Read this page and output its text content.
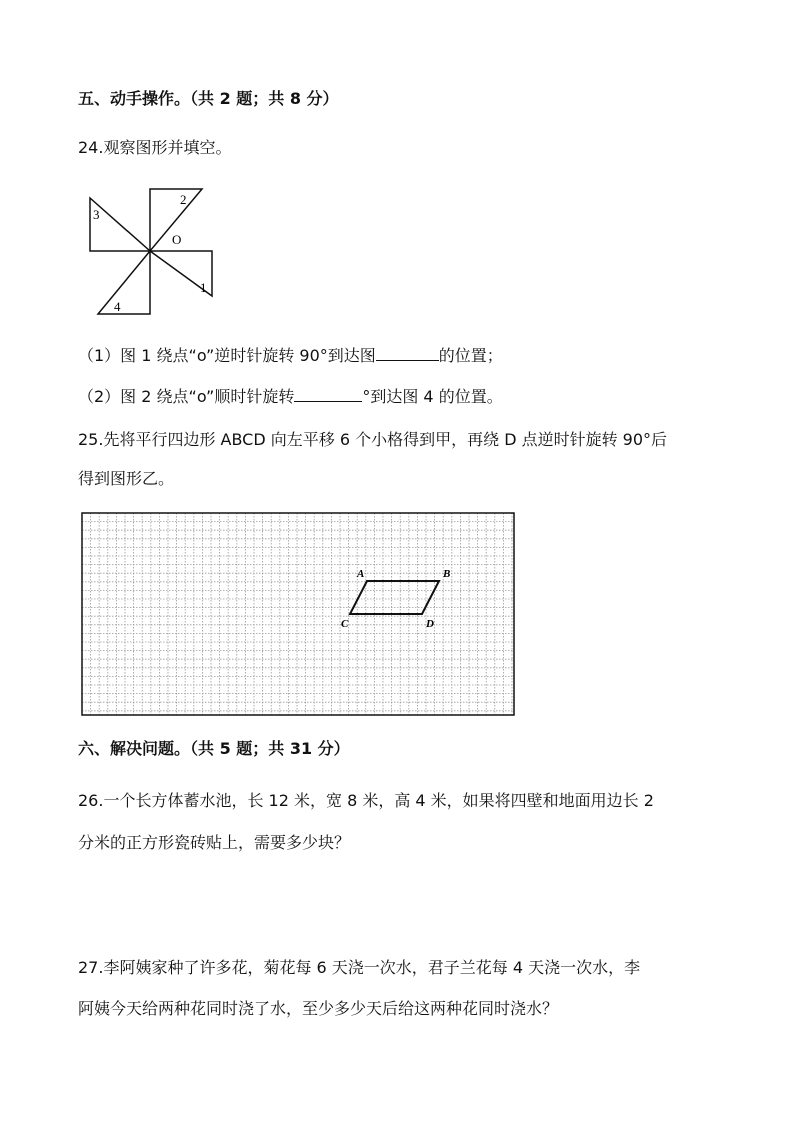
五、动手操作。（共 2 题；共 8 分）
24.观察图形并填空。
1
2
3
4
O
（1）图 1 绕点“o”逆时针旋转 90°到达图	的位置；
（2）图 2 绕点“o”顺时针旋转	°到达图 4 的位置。
25.先将平行四边形 ABCD 向左平移 6 个小格得到甲，再绕 D 点逆时针旋转 90°后
得到图形乙。
A	B
C	D
六、解决问题。（共 5 题；共 31 分）
26.一个长方体蓄水池，长 12 米，宽 8 米，高 4 米，如果将四壁和地面用边长 2
分米的正方形瓷砖贴上，需要多少块？
27.李阿姨家种了许多花，菊花每 6 天浇一次水，君子兰花每 4 天浇一次水，李
阿姨今天给两种花同时浇了水，至少多少天后给这两种花同时浇水？
